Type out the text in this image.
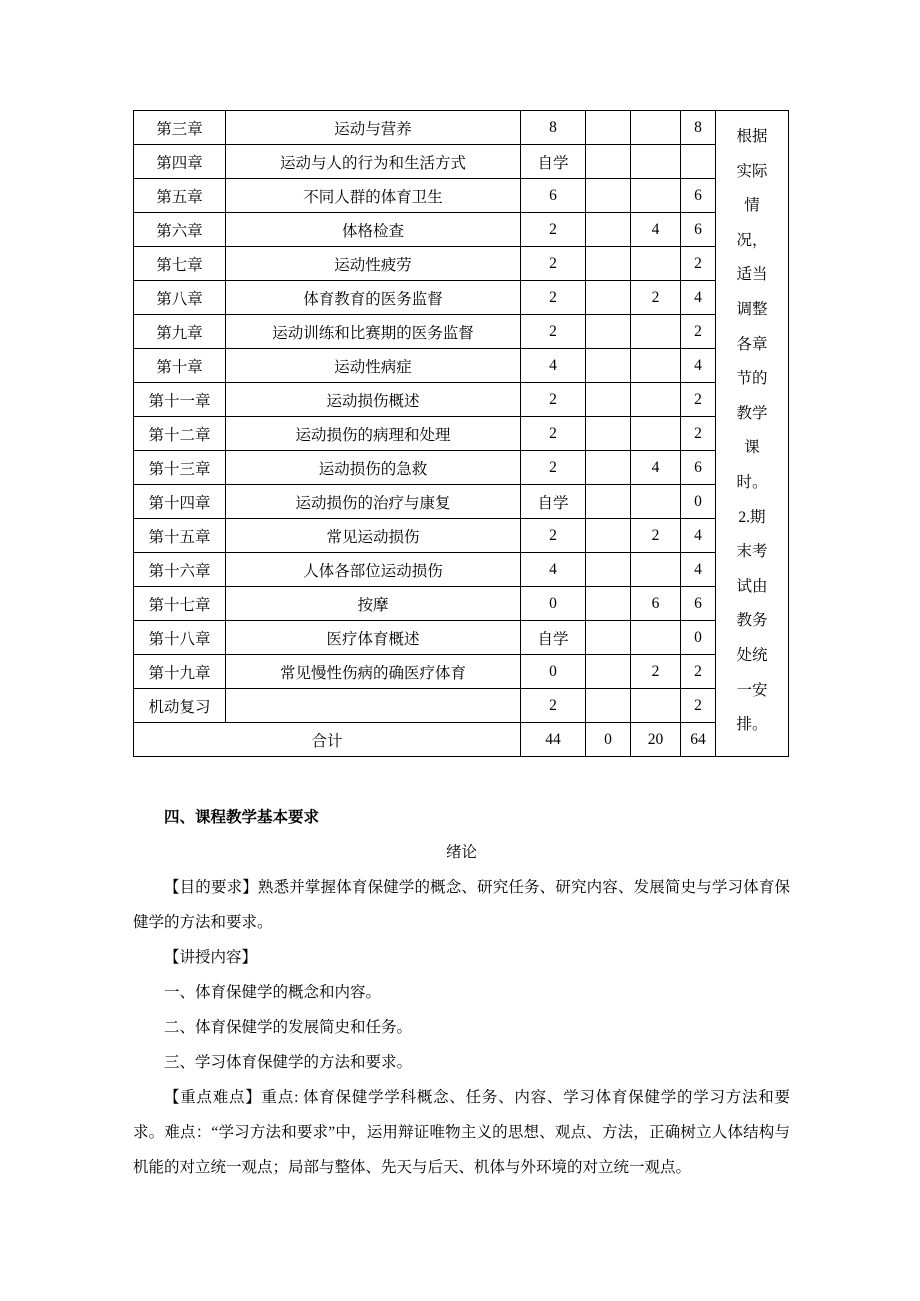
第三章	运动与营养	8			8	
根据
实际
情
况，
适当
调整
各章
节的
教学
课
时。
2.期
末考
试由
教务
处统
一安
排。

第四章	运动与人的行为和生活方式	自学				
第五章	不同人群的体育卫生	6			6	
第六章	体格检查	2		4	6	
第七章	运动性疲劳	2			2	
第八章	体育教育的医务监督	2		2	4	
第九章	运动训练和比赛期的医务监督	2			2	
第十章	运动性病症	4			4	
第十一章	运动损伤概述	2			2	
第十二章	运动损伤的病理和处理	2			2	
第十三章	运动损伤的急救	2		4	6	
第十四章	运动损伤的治疗与康复	自学			0	
第十五章	常见运动损伤	2		2	4	
第十六章	人体各部位运动损伤	4			4	
第十七章	按摩	0		6	6	
第十八章	医疗体育概述	自学			0	
第十九章	常见慢性伤病的确医疗体育	0		2	2	
机动复习		2			2	
合计		44	0	20	64	

四、课程教学基本要求

绪论

【目的要求】熟悉并掌握体育保健学的概念、研究任务、研究内容、发展简史与学习体育保健学的方法和要求。

【讲授内容】

一、体育保健学的概念和内容。

二、体育保健学的发展简史和任务。

三、学习体育保健学的方法和要求。

【重点难点】重点: 体育保健学学科概念、任务、内容、学习体育保健学的学习方法和要求。难点：“学习方法和要求”中，运用辩证唯物主义的思想、观点、方法，正确树立人体结构与机能的对立统一观点；局部与整体、先天与后天、机体与外环境的对立统一观点。
